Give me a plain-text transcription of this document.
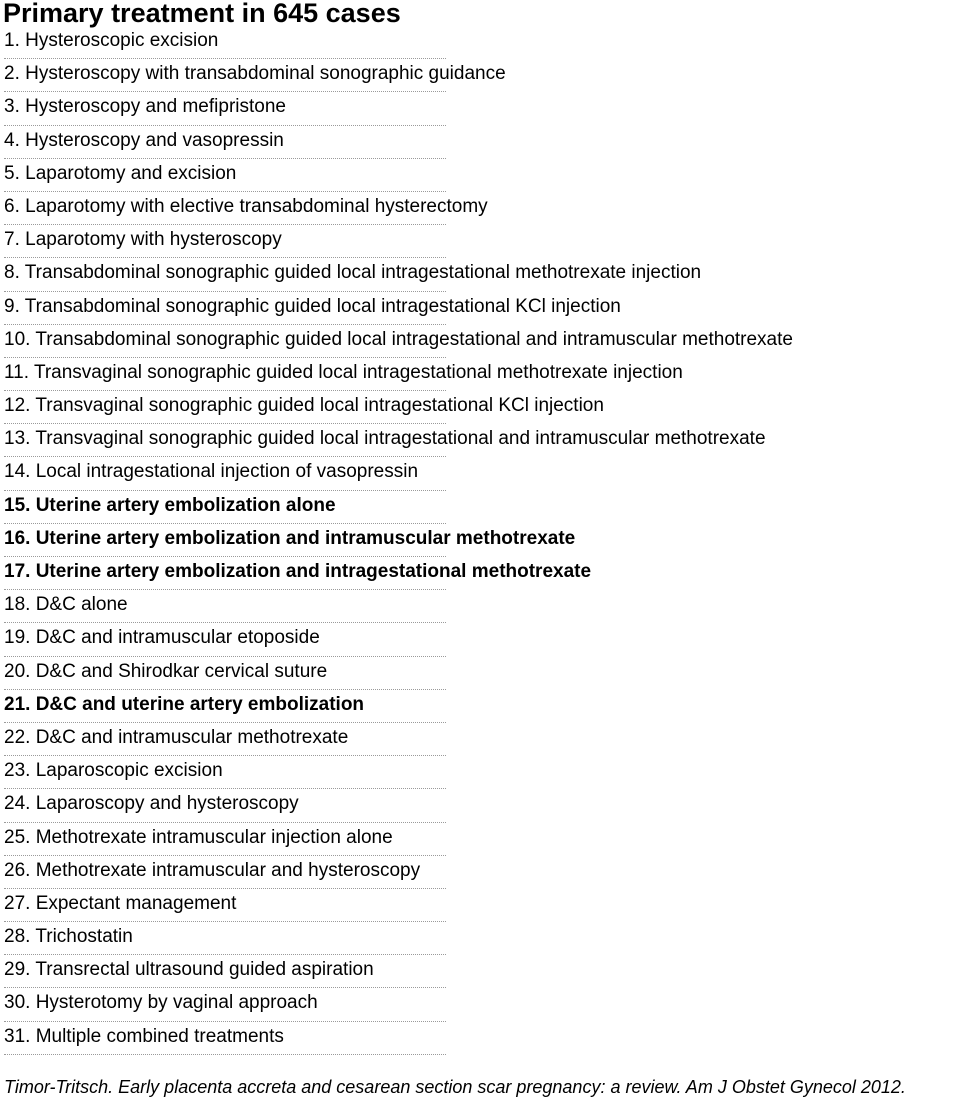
Primary treatment in 645 cases
1. Hysteroscopic excision
2. Hysteroscopy with transabdominal sonographic guidance
3. Hysteroscopy and mefipristone
4. Hysteroscopy and vasopressin
5. Laparotomy and excision
6. Laparotomy with elective transabdominal hysterectomy
7. Laparotomy with hysteroscopy
8. Transabdominal sonographic guided local intragestational methotrexate injection
9. Transabdominal sonographic guided local intragestational KCl injection
10. Transabdominal sonographic guided local intragestational and intramuscular methotrexate
11. Transvaginal sonographic guided local intragestational methotrexate injection
12. Transvaginal sonographic guided local intragestational KCl injection
13. Transvaginal sonographic guided local intragestational and intramuscular methotrexate
14. Local intragestational injection of vasopressin
15. Uterine artery embolization alone
16. Uterine artery embolization and intramuscular methotrexate
17. Uterine artery embolization and intragestational methotrexate
18. D&C alone
19. D&C and intramuscular etoposide
20. D&C and Shirodkar cervical suture
21. D&C and uterine artery embolization
22. D&C and intramuscular methotrexate
23. Laparoscopic excision
24. Laparoscopy and hysteroscopy
25. Methotrexate intramuscular injection alone
26. Methotrexate intramuscular and hysteroscopy
27. Expectant management
28. Trichostatin
29. Transrectal ultrasound guided aspiration
30. Hysterotomy by vaginal approach
31. Multiple combined treatments
Timor-Tritsch. Early placenta accreta and cesarean section scar pregnancy: a review. Am J Obstet Gynecol 2012.
